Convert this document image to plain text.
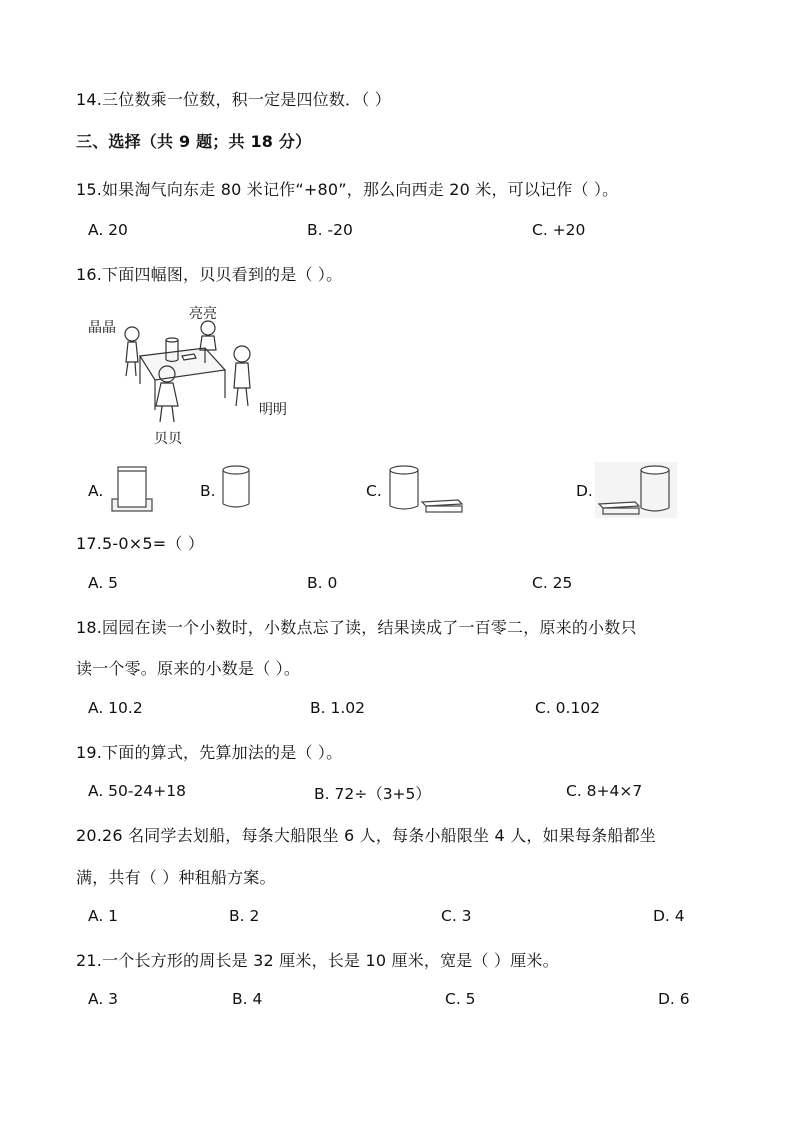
14.三位数乘一位数，积一定是四位数．（ ）
三、选择（共 9 题；共 18 分）
15.如果淘气向东走 80 米记作“+80”，那么向西走 20 米，可以记作（ ）。
A. 20	B. -20	C. +20
16.下面四幅图，贝贝看到的是（ ）。
晶晶
亮亮
明明
贝贝
A.	B.	C.	D.
17.5-0×5=（ ）
A. 5	B. 0	C. 25
18.园园在读一个小数时，小数点忘了读，结果读成了一百零二，原来的小数只
读一个零。原来的小数是（ ）。
A. 10.2	B. 1.02	C. 0.102
19.下面的算式，先算加法的是（ ）。
A. 50-24+18	B. 72÷（3+5）	C. 8+4×7
20.26 名同学去划船，每条大船限坐 6 人，每条小船限坐 4 人，如果每条船都坐
满，共有（ ）种租船方案。
A. 1	B. 2	C. 3	D. 4
21.一个长方形的周长是 32 厘米，长是 10 厘米，宽是（ ）厘米。
A. 3	B. 4	C. 5	D. 6
